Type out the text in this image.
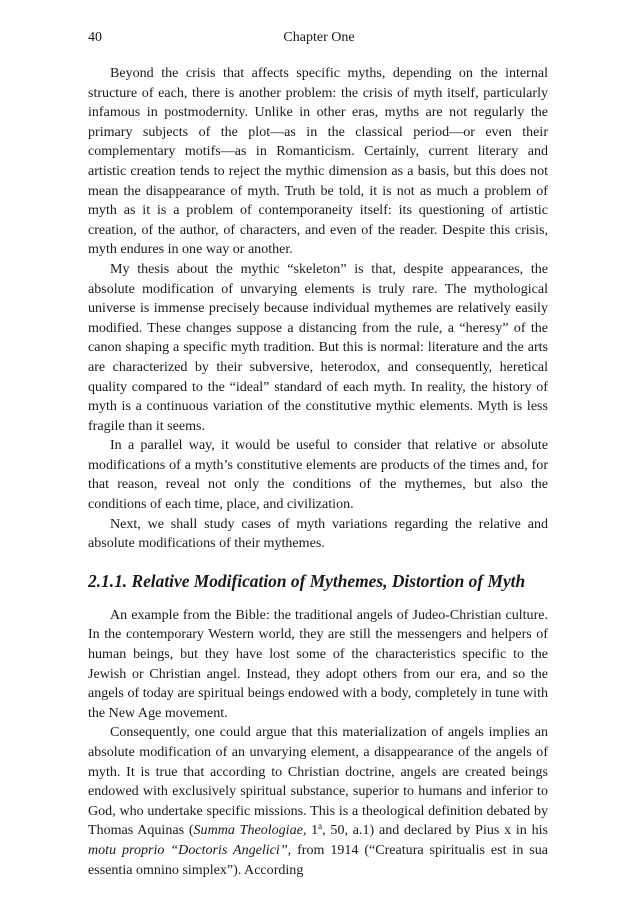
40	Chapter One

Beyond the crisis that affects specific myths, depending on the internal structure of each, there is another problem: the crisis of myth itself, particularly infamous in postmodernity. Unlike in other eras, myths are not regularly the primary subjects of the plot—as in the classical period—or even their complementary motifs—as in Romanticism. Certainly, current literary and artistic creation tends to reject the mythic dimension as a basis, but this does not mean the disappearance of myth. Truth be told, it is not as much a problem of myth as it is a problem of contemporaneity itself: its questioning of artistic creation, of the author, of characters, and even of the reader. Despite this crisis, myth endures in one way or another.

My thesis about the mythic “skeleton” is that, despite appearances, the absolute modification of unvarying elements is truly rare. The mythological universe is immense precisely because individual mythemes are relatively easily modified. These changes suppose a distancing from the rule, a “heresy” of the canon shaping a specific myth tradition. But this is normal: literature and the arts are characterized by their subversive, heterodox, and consequently, heretical quality compared to the “ideal” standard of each myth. In reality, the history of myth is a continuous variation of the constitutive mythic elements. Myth is less fragile than it seems.

In a parallel way, it would be useful to consider that relative or absolute modifications of a myth’s constitutive elements are products of the times and, for that reason, reveal not only the conditions of the mythemes, but also the conditions of each time, place, and civilization.

Next, we shall study cases of myth variations regarding the relative and absolute modifications of their mythemes.

2.1.1. Relative Modification of Mythemes, Distortion of Myth

An example from the Bible: the traditional angels of Judeo-Christian culture. In the contemporary Western world, they are still the messengers and helpers of human beings, but they have lost some of the characteristics specific to the Jewish or Christian angel. Instead, they adopt others from our era, and so the angels of today are spiritual beings endowed with a body, completely in tune with the New Age movement.

Consequently, one could argue that this materialization of angels implies an absolute modification of an unvarying element, a disappearance of the angels of myth. It is true that according to Christian doctrine, angels are created beings endowed with exclusively spiritual substance, superior to humans and inferior to God, who undertake specific missions. This is a theological definition debated by Thomas Aquinas (Summa Theologiae, 1$^a$, 50, a.1) and declared by Pius x in his motu proprio “Doctoris Angelici”, from 1914 (“Creatura spiritualis est in sua essentia omnino simplex”). According
